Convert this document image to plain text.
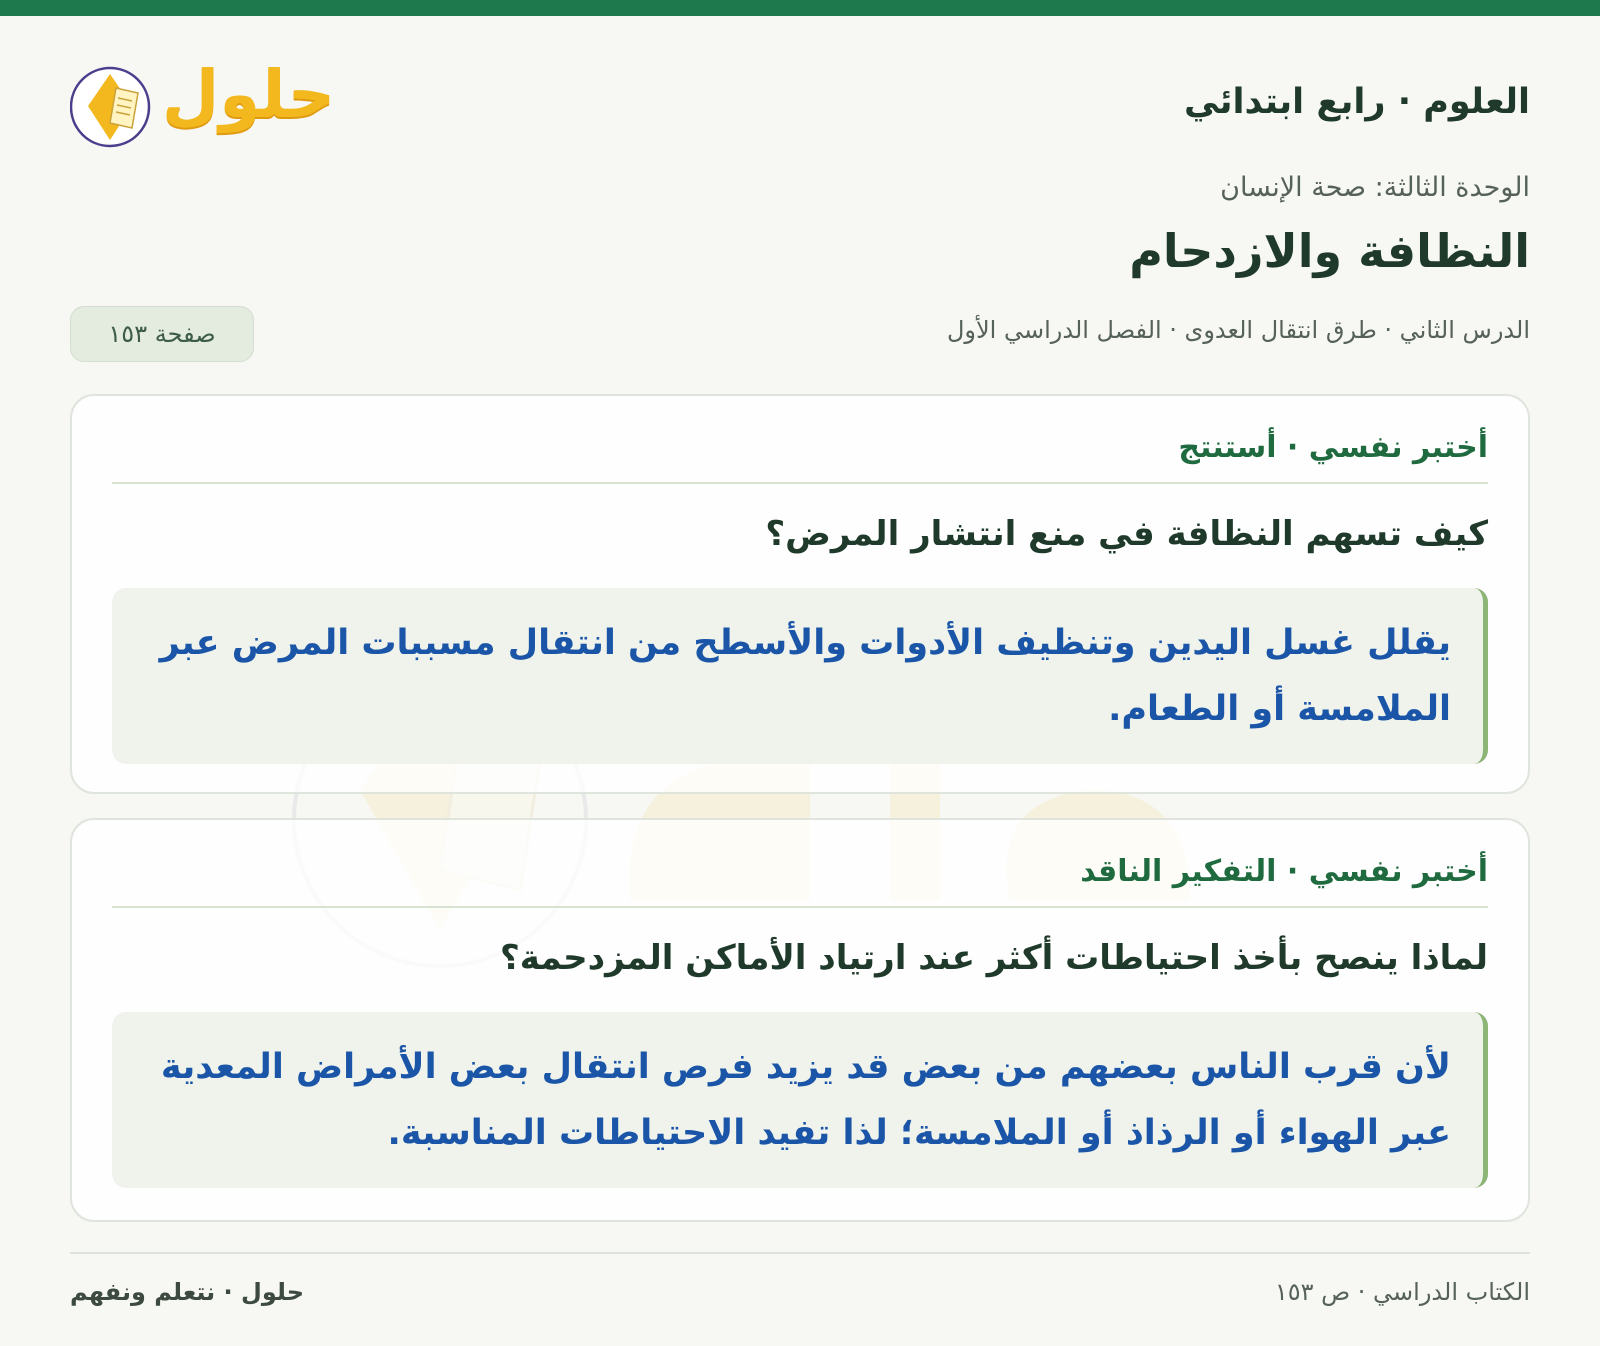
العلوم · رابع ابتدائي
حلول
الوحدة الثالثة: صحة الإنسان
النظافة والازدحام
الدرس الثاني · طرق انتقال العدوى · الفصل الدراسي الأول
صفحة ١٥٣
أختبر نفسي · أستنتج
كيف تسهم النظافة في منع انتشار المرض؟
يقلل غسل اليدين وتنظيف الأدوات والأسطح من انتقال مسببات المرض عبر الملامسة أو الطعام.
أختبر نفسي · التفكير الناقد
لماذا ينصح بأخذ احتياطات أكثر عند ارتياد الأماكن المزدحمة؟
لأن قرب الناس بعضهم من بعض قد يزيد فرص انتقال بعض الأمراض المعدية عبر الهواء أو الرذاذ أو الملامسة؛ لذا تفيد الاحتياطات المناسبة.
الكتاب الدراسي · ص ١٥٣
حلول · نتعلم ونفهم
